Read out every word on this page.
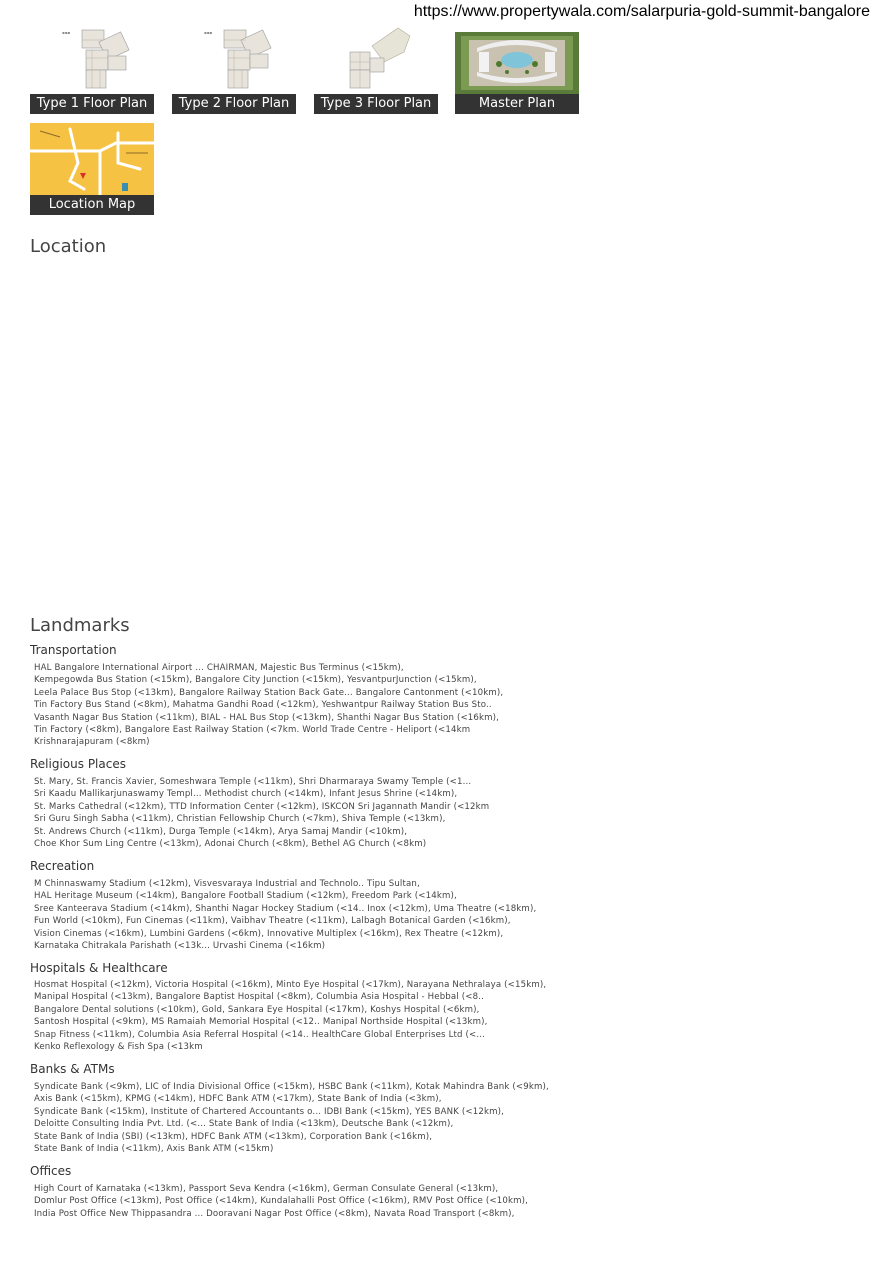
https://www.propertywala.com/salarpuria-gold-summit-bangalore
▪▪▪
Type 1 Floor Plan
▪▪▪
Type 2 Floor Plan	Type 3 Floor Plan	Master Plan
Location Map
Location
Landmarks
Transportation
HAL Bangalore International Airport ... CHAIRMAN, Majestic Bus Terminus (<15km),
Kempegowda Bus Station (<15km), Bangalore City Junction (<15km), YesvantpurJunction (<15km),
Leela Palace Bus Stop (<13km), Bangalore Railway Station Back Gate... Bangalore Cantonment (<10km),
Tin Factory Bus Stand (<8km), Mahatma Gandhi Road (<12km), Yeshwantpur Railway Station Bus Sto..
Vasanth Nagar Bus Station (<11km), BIAL - HAL Bus Stop (<13km), Shanthi Nagar Bus Station (<16km),
Tin Factory (<8km), Bangalore East Railway Station (<7km. World Trade Centre - Heliport (<14km
Krishnarajapuram (<8km)
Religious Places
St. Mary, St. Francis Xavier, Someshwara Temple (<11km), Shri Dharmaraya Swamy Temple (<1...
Sri Kaadu Mallikarjunaswamy Templ... Methodist church (<14km), Infant Jesus Shrine (<14km),
St. Marks Cathedral (<12km), TTD Information Center (<12km), ISKCON Sri Jagannath Mandir (<12km
Sri Guru Singh Sabha (<11km), Christian Fellowship Church (<7km), Shiva Temple (<13km),
St. Andrews Church (<11km), Durga Temple (<14km), Arya Samaj Mandir (<10km),
Choe Khor Sum Ling Centre (<13km), Adonai Church (<8km), Bethel AG Church (<8km)
Recreation
M Chinnaswamy Stadium (<12km), Visvesvaraya Industrial and Technolo.. Tipu Sultan,
HAL Heritage Museum (<14km), Bangalore Football Stadium (<12km), Freedom Park (<14km),
Sree Kanteerava Stadium (<14km), Shanthi Nagar Hockey Stadium (<14.. Inox (<12km), Uma Theatre (<18km),
Fun World (<10km), Fun Cinemas (<11km), Vaibhav Theatre (<11km), Lalbagh Botanical Garden (<16km),
Vision Cinemas (<16km), Lumbini Gardens (<6km), Innovative Multiplex (<16km), Rex Theatre (<12km),
Karnataka Chitrakala Parishath (<13k... Urvashi Cinema (<16km)
Hospitals & Healthcare
Hosmat Hospital (<12km), Victoria Hospital (<16km), Minto Eye Hospital (<17km), Narayana Nethralaya (<15km),
Manipal Hospital (<13km), Bangalore Baptist Hospital (<8km), Columbia Asia Hospital - Hebbal (<8..
Bangalore Dental solutions (<10km), Gold, Sankara Eye Hospital (<17km), Koshys Hospital (<6km),
Santosh Hospital (<9km), MS Ramaiah Memorial Hospital (<12.. Manipal Northside Hospital (<13km),
Snap Fitness (<11km), Columbia Asia Referral Hospital (<14.. HealthCare Global Enterprises Ltd (<...
Kenko Reflexology & Fish Spa (<13km
Banks & ATMs
Syndicate Bank (<9km), LIC of India Divisional Office (<15km), HSBC Bank (<11km), Kotak Mahindra Bank (<9km),
Axis Bank (<15km), KPMG (<14km), HDFC Bank ATM (<17km), State Bank of India (<3km),
Syndicate Bank (<15km), Institute of Chartered Accountants o... IDBI Bank (<15km), YES BANK (<12km),
Deloitte Consulting India Pvt. Ltd. (<... State Bank of India (<13km), Deutsche Bank (<12km),
State Bank of India (SBI) (<13km), HDFC Bank ATM (<13km), Corporation Bank (<16km),
State Bank of India (<11km), Axis Bank ATM (<15km)
Offices
High Court of Karnataka (<13km), Passport Seva Kendra (<16km), German Consulate General (<13km),
Domlur Post Office (<13km), Post Office (<14km), Kundalahalli Post Office (<16km), RMV Post Office (<10km),
India Post Office New Thippasandra ... Dooravani Nagar Post Office (<8km), Navata Road Transport (<8km),
